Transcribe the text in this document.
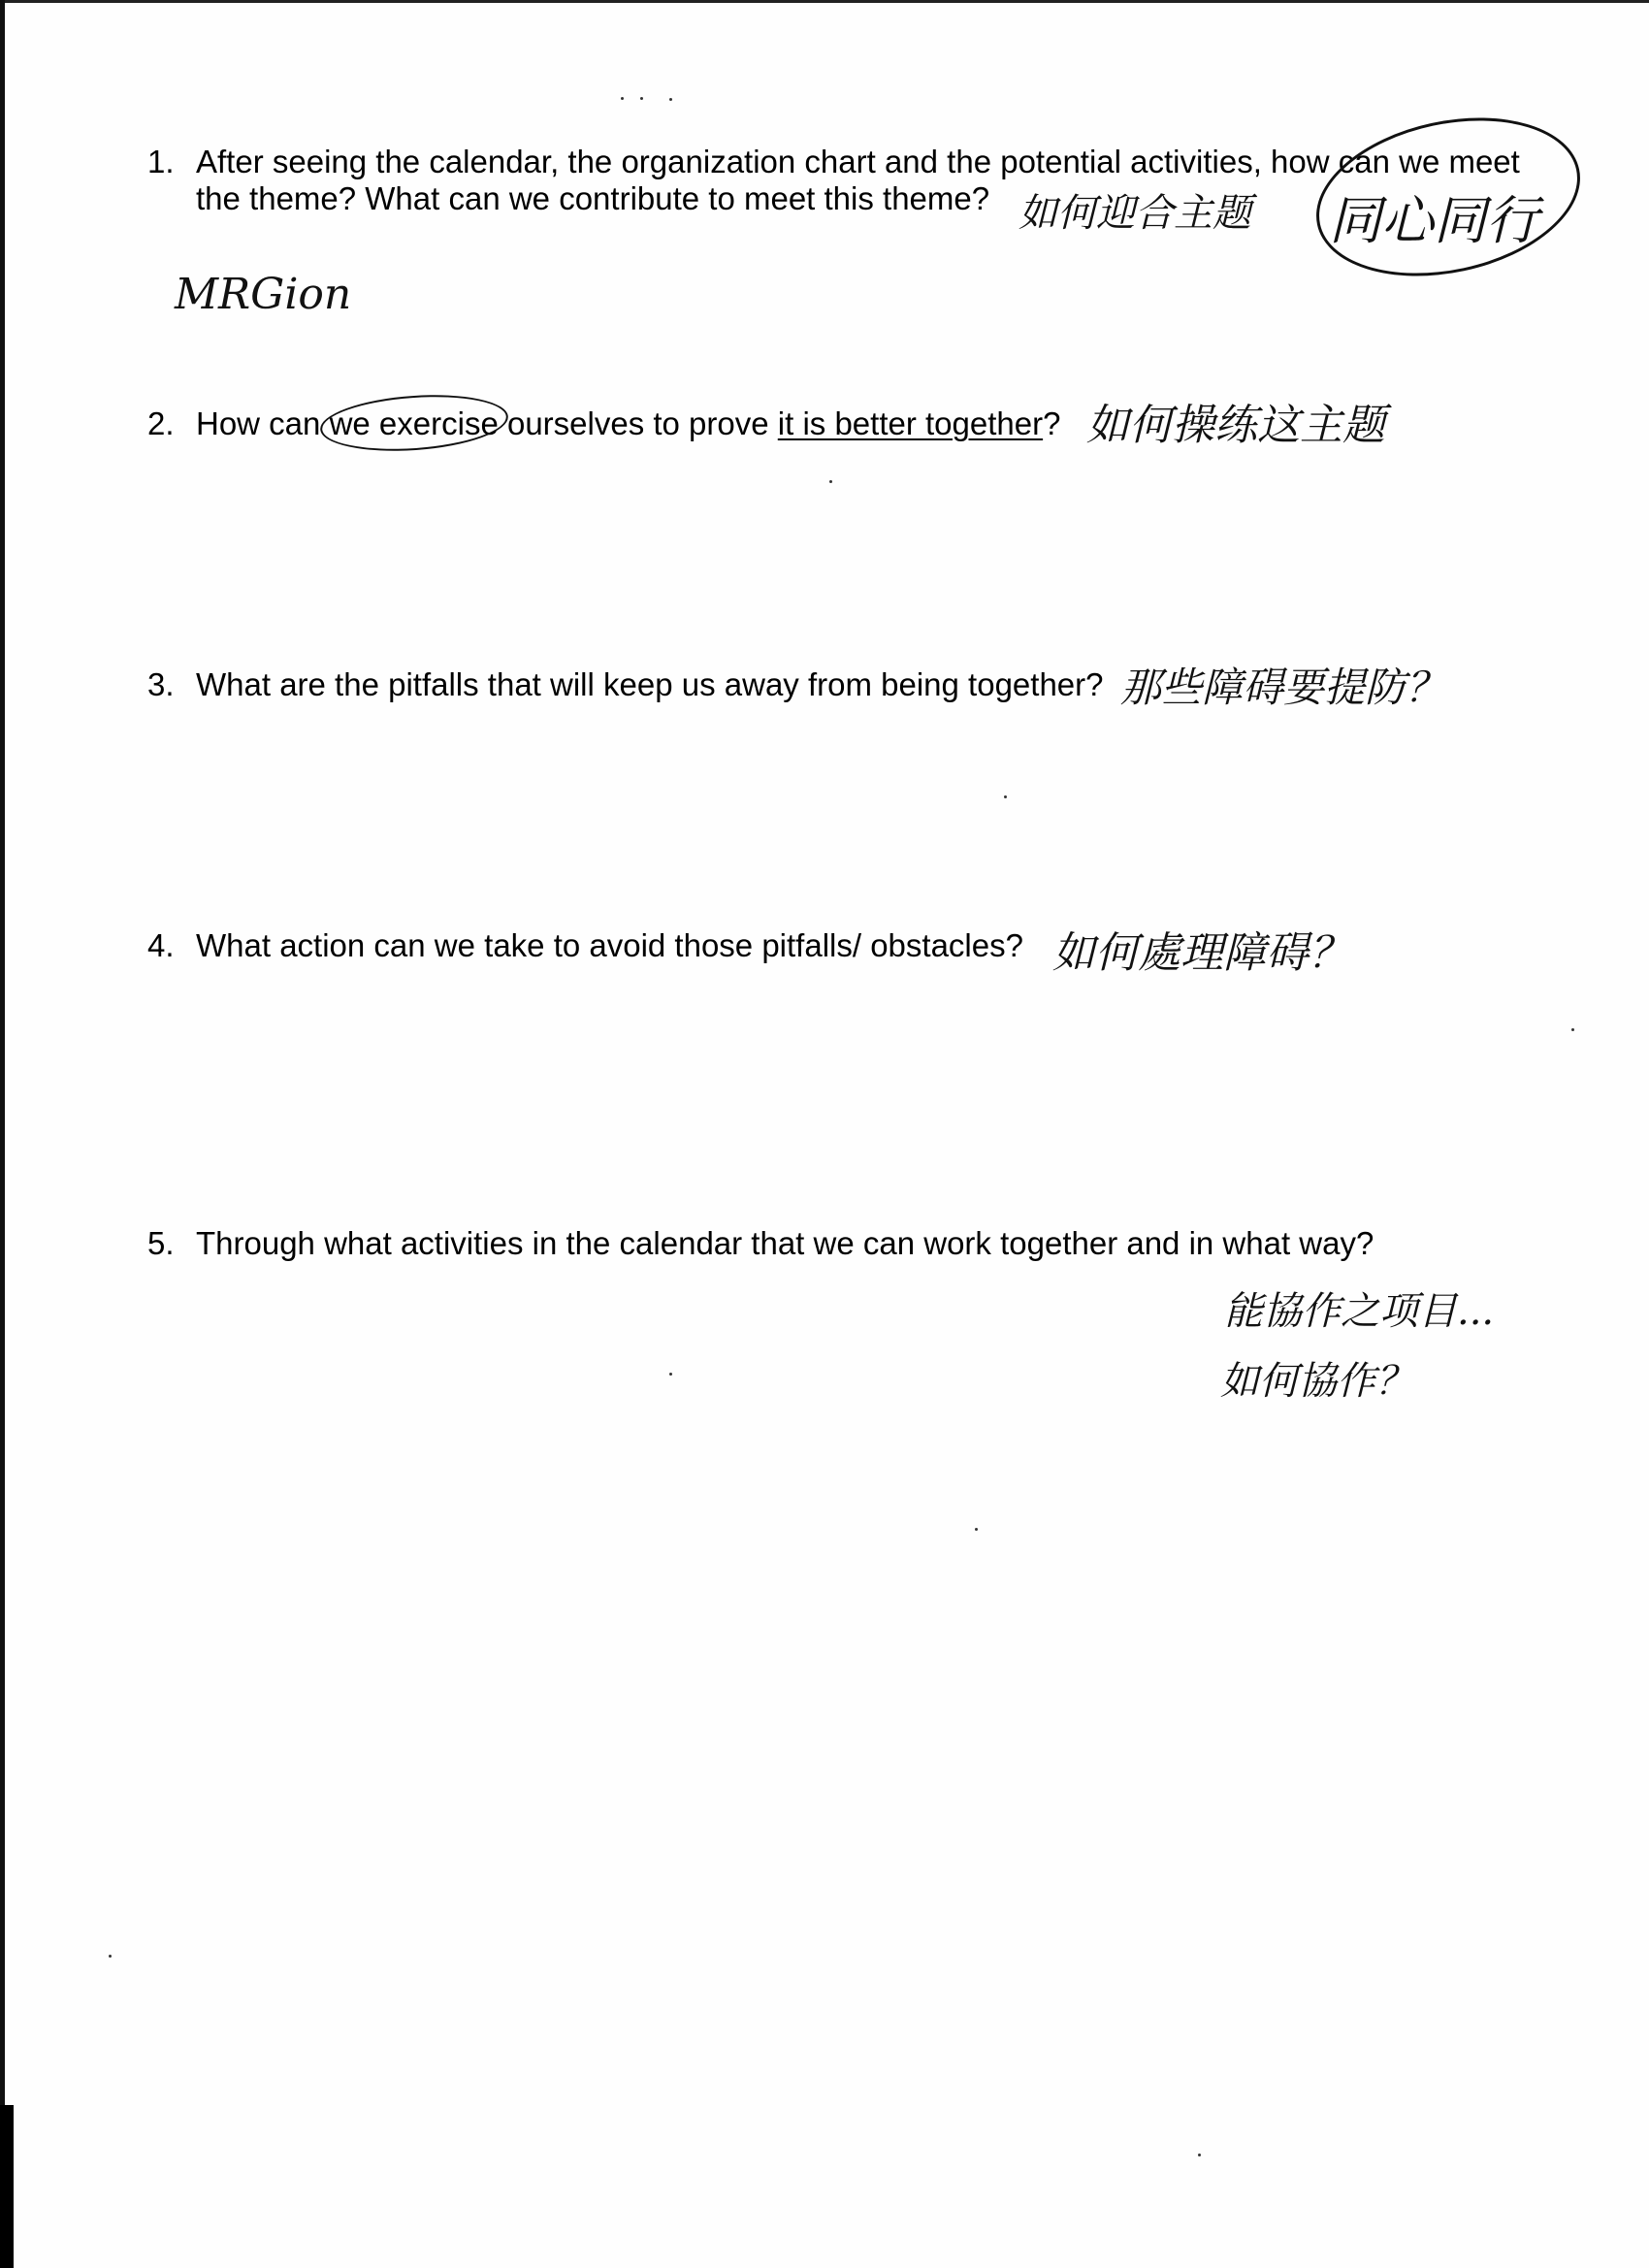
1. After seeing the calendar, the organization chart and the potential activities, how can we meet
the theme? What can we contribute to meet this theme? 如何迎合主题 同心同行
MRGion
2. How can we exercise ourselves to prove it is better together? 如何操练这主题
3. What are the pitfalls that will keep us away from being together? 那些障碍要提防？
4. What action can we take to avoid those pitfalls/ obstacles? 如何處理障碍？
5. Through what activities in the calendar that we can work together and in what way?
能協作之项目...
如何協作？
